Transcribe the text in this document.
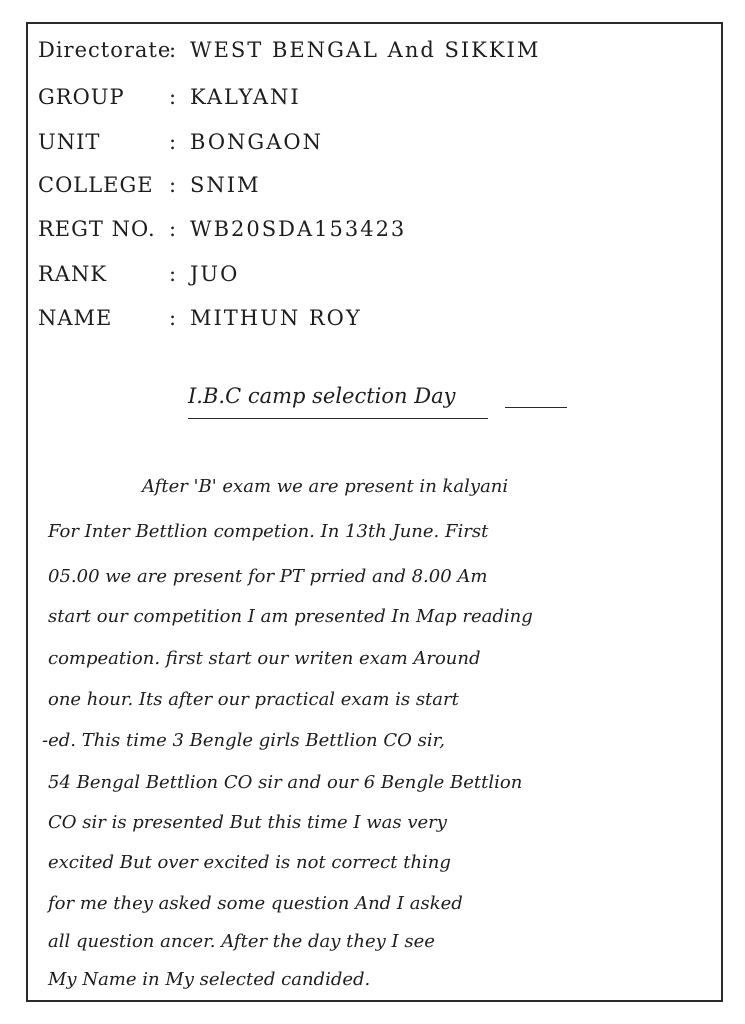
Directorate: WEST BENGAL And SIKKIM
GROUP : KALYANI
UNIT	: BONGAON
COLLEGE : SNIM
REGT NO. : WB20SDA153423
RANK	: JUO
NAME	: MITHUN ROY
I.B.C camp selection Day
After 'B' exam we are present in kalyani
For Inter Bettlion competion. In 13th June. First
05.00 we are present for PT prried and 8.00 Am
start our competition I am presented In Map reading
compeation. first start our writen exam Around
one hour. Its after our practical exam is start
-ed. This time 3 Bengle girls Bettlion CO sir,
54 Bengal Bettlion CO sir and our 6 Bengle Bettlion
CO sir is presented But this time I was very
excited But over excited is not correct thing
for me they asked some question And I asked
all question ancer. After the day they I see
My Name in My selected candided.
